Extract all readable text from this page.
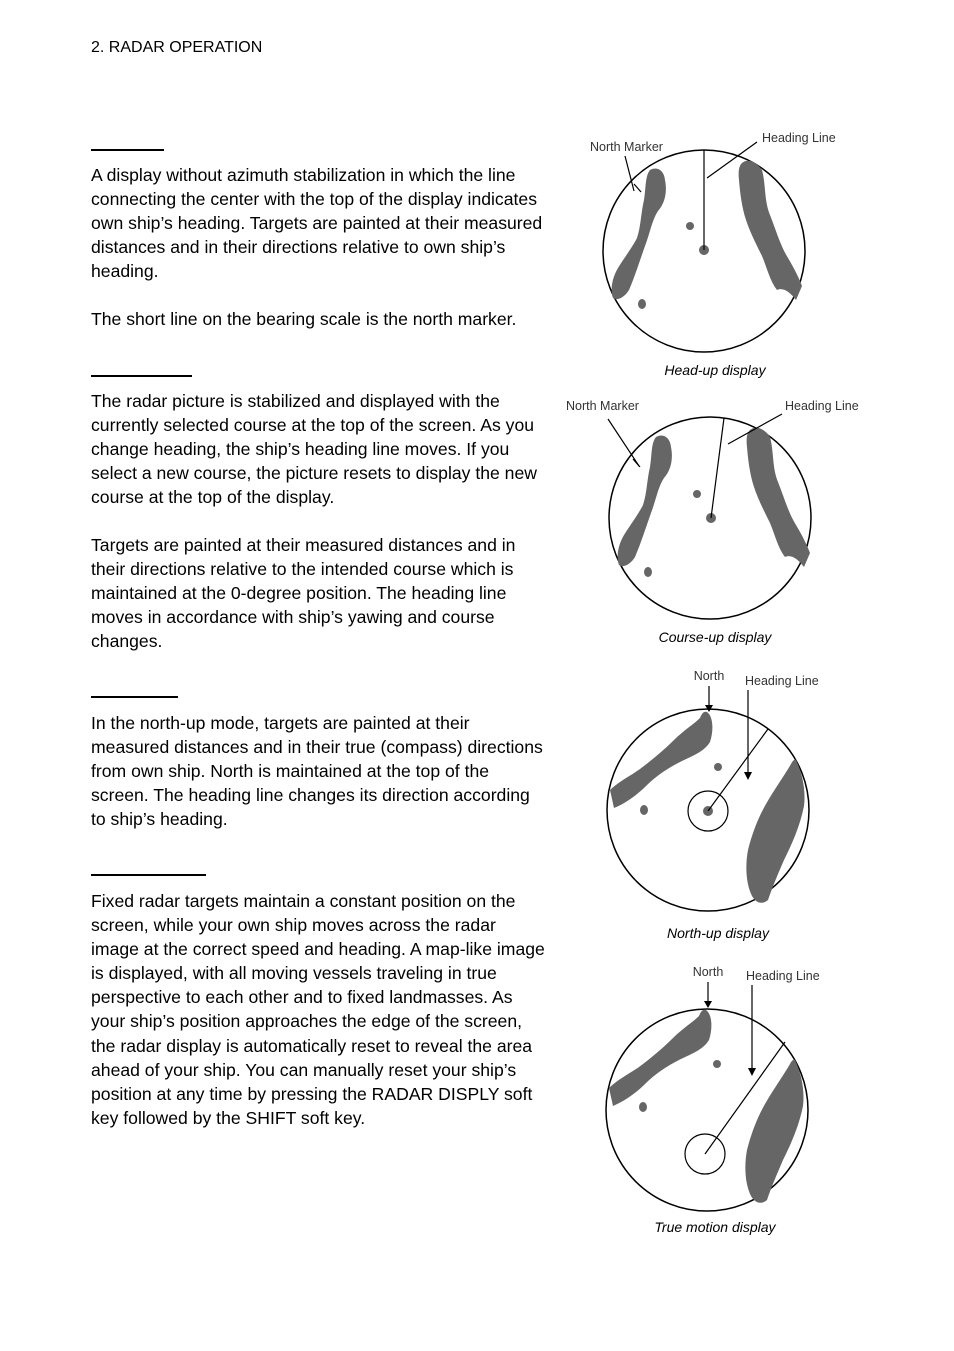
2. RADAR OPERATION

A display without azimuth stabilization in which the line connecting the center with the top of the display indicates own ship’s heading. Targets are painted at their measured distances and in their directions relative to own ship’s heading.

The short line on the bearing scale is the north marker.

The radar picture is stabilized and displayed with the currently selected course at the top of the screen. As you change heading, the ship’s heading line moves. If you select a new course, the picture resets to display the new course at the top of the display.

Targets are painted at their measured distances and in their directions relative to the intended course which is maintained at the 0-degree position. The heading line moves in accordance with ship’s yawing and course changes.

In the north-up mode, targets are painted at their measured distances and in their true (compass) directions from own ship. North is maintained at the top of the screen. The heading line changes its direction according to ship’s heading.

Fixed radar targets maintain a constant position on the screen, while your own ship moves across the radar image at the correct speed and heading. A map-like image is displayed, with all moving vessels traveling in true perspective to each other and to fixed landmasses. As your ship’s position approaches the edge of the screen, the radar display is automatically reset to reveal the area ahead of your ship. You can manually reset your ship’s position at any time by pressing the RADAR DISPLY soft key followed by the SHIFT soft key.

North Marker
Heading Line
Head-up display
North Marker	Heading Line
Course-up display
North Heading Line
North-up display
North Heading Line
True motion display
